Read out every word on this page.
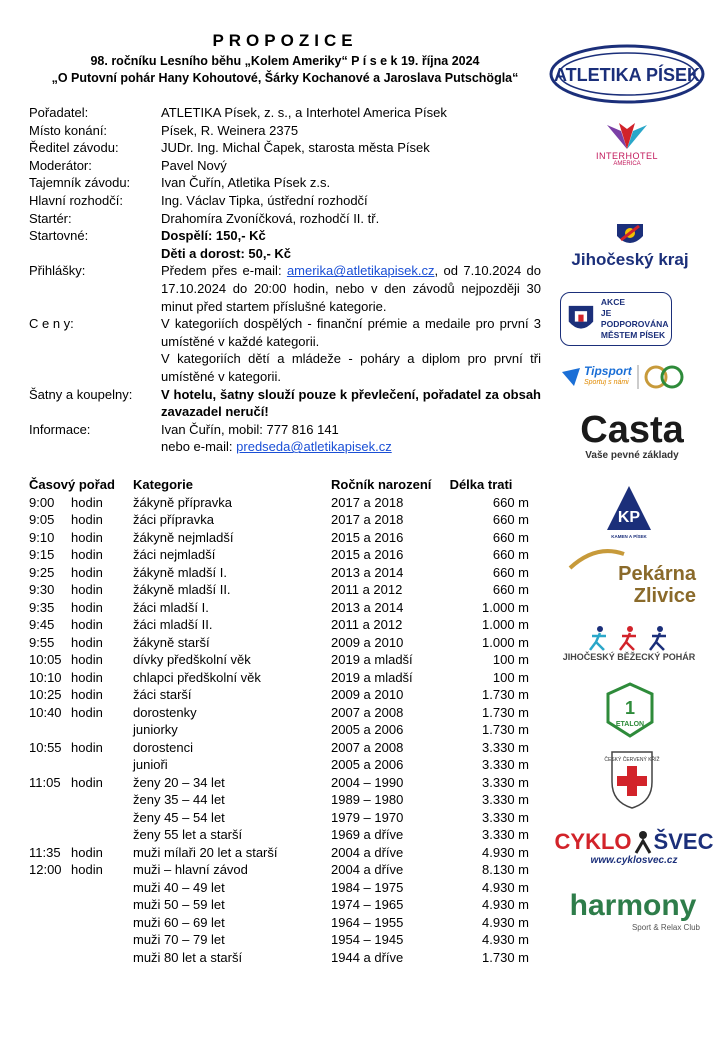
PROPOZICE
98. ročníku Lesního běhu „Kolem Ameriky“ P í s e k 19. října 2024
„O Putovní pohár Hany Kohoutové, Šárky Kochanové a Jaroslava Putschögla“
Pořadatel:	ATLETIKA Písek, z. s., a Interhotel America Písek
Místo konání:	Písek, R. Weinera 2375
Ředitel závodu:	JUDr. Ing. Michal Čapek, starosta města Písek
Moderátor:	Pavel Nový
Tajemník závodu:	Ivan Čuřín, Atletika Písek z.s.
Hlavní rozhodčí:	Ing. Václav Tipka, ústřední rozhodčí
Startér:	Drahomíra Zvoníčková, rozhodčí II. tř.
Startovné:	Dospělí: 150,- Kč
Děti a dorost: 50,- Kč
Přihlášky:	Předem přes e-mail: amerika@atletikapisek.cz, od 7.10.2024 do 17.10.2024 do 20:00 hodin, nebo v den závodů nejpozději 30 minut před startem příslušné kategorie.
C e n y:	V kategoriích dospělých - finanční prémie a medaile pro první 3 umístěné v každé kategorii.
V kategoriích dětí a mládeže - poháry a diplom pro první tři umístěné v kategorii.
Šatny a koupelny:	V hotelu, šatny slouží pouze k převlečení, pořadatel za obsah zavazadel neručí!
Informace:	Ivan Čuřín, mobil: 777 816 141
nebo e-mail: predseda@atletikapisek.cz
Časový pořad	Kategorie	Ročník narození	Délka trati
9:00	hodin	žákyně přípravka	2017 a 2018	660 m
9:05	hodin	žáci přípravka	2017 a 2018	660 m
9:10	hodin	žákyně nejmladší	2015 a 2016	660 m
9:15	hodin	žáci nejmladší	2015 a 2016	660 m
9:25	hodin	žákyně mladší I.	2013 a 2014	660 m
9:30	hodin	žákyně mladší II.	2011 a 2012	660 m
9:35	hodin	žáci mladší I.	2013 a 2014	1.000 m
9:45	hodin	žáci mladší II.	2011 a 2012	1.000 m
9:55	hodin	žákyně starší	2009 a 2010	1.000 m
10:05 hodin	dívky předškolní věk	2019 a mladší	100 m
10:10 hodin	chlapci předškolní věk	2019 a mladší	100 m
10:25 hodin	žáci starší	2009 a 2010	1.730 m
10:40 hodin	dorostenky	2007 a 2008	1.730 m
juniorky	2005 a 2006	1.730 m
10:55 hodin	dorostenci	2007 a 2008	3.330 m
junioři	2005 a 2006	3.330 m
11:05 hodin	ženy 20 – 34 let	2004 – 1990	3.330 m
ženy 35 – 44 let	1989 – 1980	3.330 m
ženy 45 – 54 let	1979 – 1970	3.330 m
ženy 55 let a starší	1969 a dříve	3.330 m
11:35 hodin	muži mílaři 20 let a starší	2004 a dříve	4.930 m
12:00 hodin	muži – hlavní závod	2004 a dříve	8.130 m
muži 40 – 49 let	1984 – 1975	4.930 m
muži 50 – 59 let	1974 – 1965	4.930 m
muži 60 – 69 let	1964 – 1955	4.930 m
muži 70 – 79 let	1954 – 1945	4.930 m
muži 80 let a starší	1944 a dříve	1.730 m
ATLETIKA PÍSEK
INTERHOTEL
AMERICA
Jihočeský kraj
AKCE
JE PODPOROVÁNA
MĚSTEM PÍSEK
Tipsport
Sportuj s námi
Casta
Vaše pevné základy
KP
KAMEN A PÍSEK
Pekárna
Zlivice
JIHOČESKÝ BĚŽECKÝ POHÁR
1
ETALON
ČESKÝ ČERVENÝ KŘÍŽ
CYKLO ŠVEC
www.cyklosvec.cz
harmony
Sport & Relax Club
